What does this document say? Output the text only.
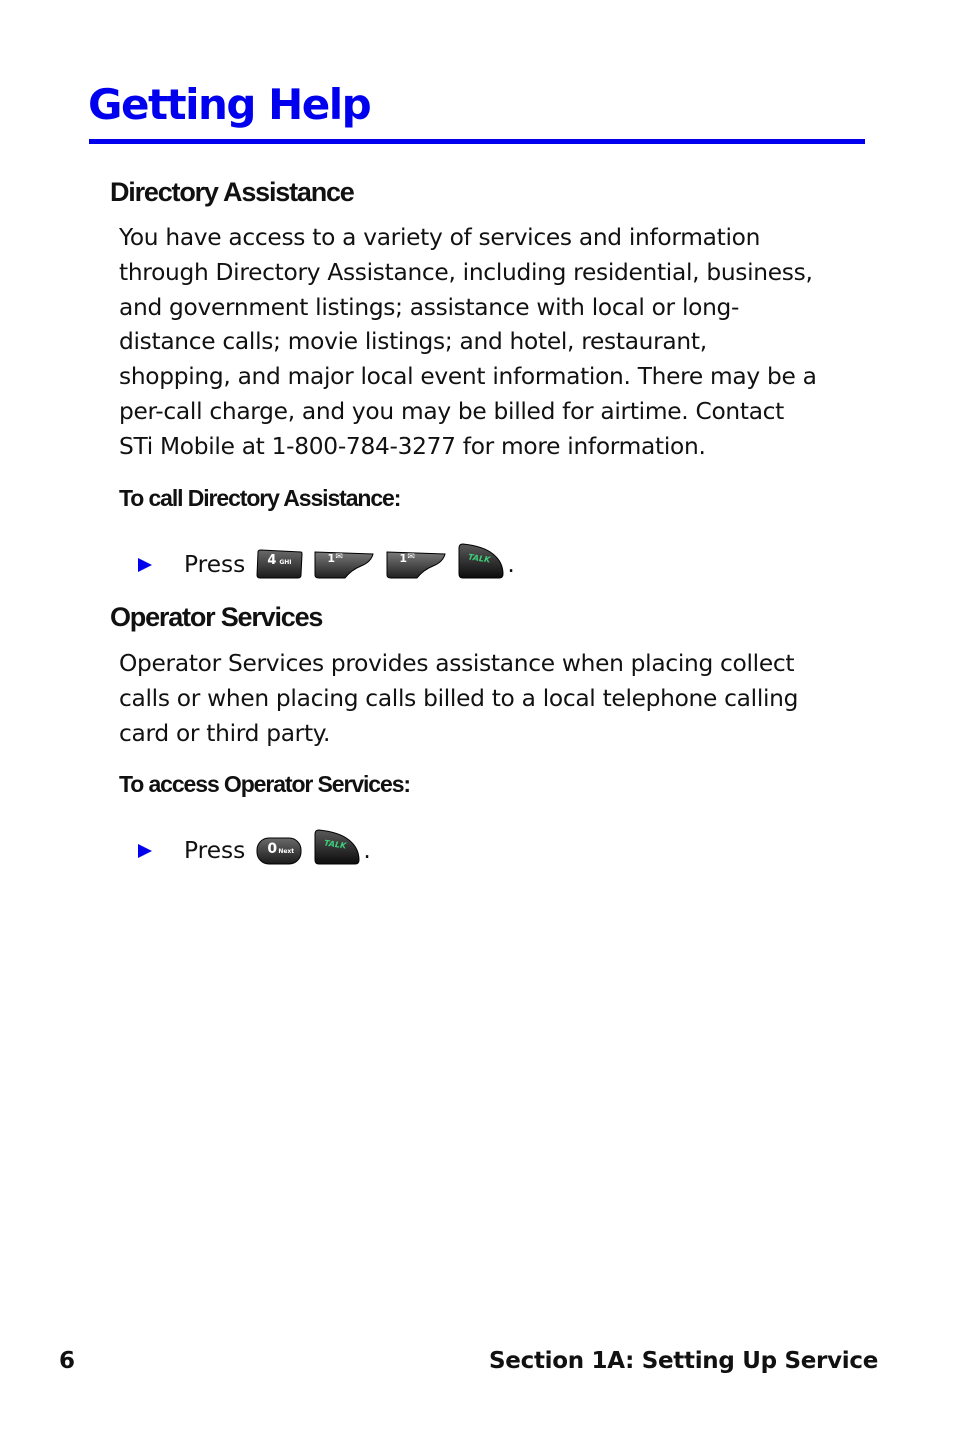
Getting Help
Directory Assistance
You have access to a variety of services and information
through Directory Assistance, including residential, business,
and government listings; assistance with local or long-
distance calls; movie listings; and hotel, restaurant,
shopping, and major local event information. There may be a
per-call charge, and you may be billed for airtime. Contact
STi Mobile at 1-800-784-3277 for more information.

To call Directory Assistance:

Press 4 GHI	1 ✉	1 ✉	TALK .
Operator Services
Operator Services provides assistance when placing collect
calls or when placing calls billed to a local telephone calling
card or third party.

To access Operator Services:

Press 0 Next
TALK .

6	Section 1A: Setting Up Service
